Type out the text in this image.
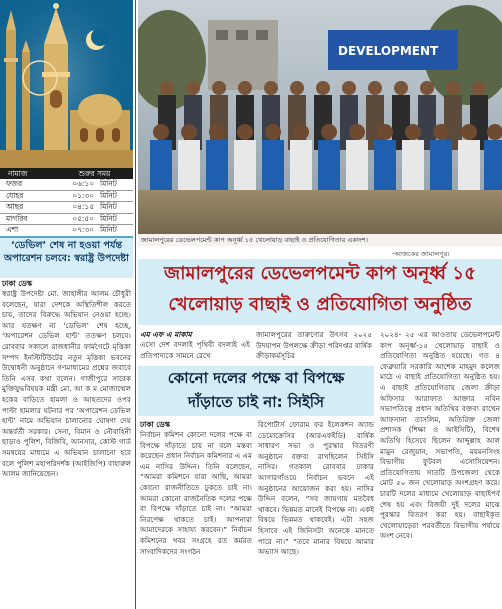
নামাজ	শুরুর সময়
ফজর	০৬:১০ মিনিট
যোহর	০১:৩০ মিনিট
আছর	০৪:১৫ মিনিট
মাগরিব	০৫:৫০ মিনিট
এশা	০৭:৩০ মিনিট

‘ডেভিল’ শেষ না হওয়া পর্যন্ত অপারেশন চলবে: স্বরাষ্ট্র উপদেষ্টা

ঢাকা ডেস্ক
স্বরাষ্ট্র উপদেষ্টা মো. জাহাঙ্গীর আলম চৌধুরী বলেছেন, যারা দেশকে অস্থিতিশীল করতে চায়, তাদের বিরুদ্ধে অভিযান নেওয়া হচ্ছে। আর যতক্ষণ না ‘ডেভিল’ শেষ হচ্ছে, ‘অপারেশন ডেভিল হান্ট’ ততক্ষণ চলবে। রোববার সকালে রাজধানীর ফার্মগেটে মৃত্তিকা সম্পদ ইনস্টিটিউটের নতুন মৃত্তিকা ভবনের উদ্বোধনী অনুষ্ঠানে গণমাধ্যমের প্রশ্নের জবাবে তিনি এসব কথা বলেন। গাজীপুরে সাবেক মুক্তিযুদ্ধবিষয়ক মন্ত্রী মো. আ ক ম মোজাম্মেল হকের বাড়িতে হামলা ও আহতদের ওপর পাল্টা হামলার ঘটনার পর ‘অপারেশন ডেভিল হান্ট’ নামে অভিযান চালানোর ঘোষণা দেয় অন্তর্বর্তী সরকার। সেনা, বিমান ও নৌবাহিনী ছাড়াও পুলিশ, বিজিবি, আনসার, কোস্ট গার্ড সমন্বয়ের মাধ্যমে এ অভিযান চালানো হবে বলে পুলিশ মহাপরিদর্শক (আইজিপি) বাহারুল আলম জানিয়েছেন।
DEVELOPMENT
জামালপুরের ডেভেলপমেন্ট কাপ অনূর্ধ্ব ১৫ খেলোয়াড় বাছাই ও প্রতিযোগিতার একাংশ।
-আজকের জামালপুর।

জামালপুরের ডেভেলপমেন্ট কাপ অনূর্ধ্ব ১৫

খেলোয়াড় বাছাই ও প্রতিযোগিতা অনুষ্ঠিত

এম এফ এ মাকাম
এসো দেশ বদলাই পৃথিবী বদলাই এই প্রতিপাদ্যকে সামনে রেখে
জামালপুরের তারুণ্যের উৎসব ২০২৫ উদযাপন উপলক্ষে ক্রীড়া পরিদপ্তর বার্ষিক ক্রীড়াকর্মসূচির
২০২৪- ২৫ এর আওতায় ডেভেলপমেন্ট কাপ অনূর্ধ্ব-১৫ খেলোয়াড় বাছাই ও প্রতিযোগিতা অনুষ্ঠিত হয়েছে। গত ৪ ফেব্রুয়ারি সরকারি আশেক মাহমুদ কলেজ মাঠে এ বাছাই প্রতিযোগিতা অনুষ্ঠিত হয়। এ বাছাই প্রতিযোগিতায় জেলা ক্রীড়া অফিসার আরাফাত আক্তার নবিন সভাপতিত্বে প্রধান অতিথির বক্তব্য রাখেন আফসানা তাসলিম, অতিরিক্ত জেলা প্রশাসক (শিক্ষা ও আইসিটি), বিশেষ অতিথি হিসেবে ছিলেন আব্দুল্লাহ আল মামুন রেজুয়ান, সভাপতি, ময়মনসিংহ বিভাগীয় ফুটবল এসোসিয়েশন। প্রতিযোগিতায় সাতটি উপজেলা থেকে মোট ৫০ জন খেলোয়াড় অংশগ্রহণ করে। চারটি দলের মাধ্যমে খেলোয়াড় বাছাইপর্ব শেষ হয় এবং বিজয়ী দুই দলের মাঝে পুরস্কার বিতরণ করা হয়। বাছাইকৃত খেলোয়াড়েরা পরবর্তীতে বিভাগীয় পর্যায়ে অংশ নেবে।

কোনো দলের পক্ষে বা বিপক্ষে

দাঁড়াতে চাই না: সিইসি

ঢাকা ডেস্ক
নির্বাচন কমিশন কোনো দলের পক্ষে বা বিপক্ষে দাঁড়াতে চায় না বলে মন্তব্য করেছেন প্রধান নির্বাচন কমিশনার এ এম এম নাসির উদ্দিন। তিনি বলেছেন, “আমরা কমিশনে যারা আছি, আমরা কোনো রাজনীতিতে ঢুকতে চাই না। আমরা কোনো রাজনৈতিক দলের পক্ষে বা বিপক্ষে দাঁড়াতে চাই না। “আমরা নিরপেক্ষ থাকতে চাই। আপনারা আমাদেরকে সাহায্য করবেন।” নির্বাচন কমিশনের খবর সংগ্রহে রত কর্মরত সাংবাদিকদের সংগঠন
রিপোর্টার্স ফোরাম ফর ইলেকশন অ্যান্ড ডেমোক্রেসির (আরএফইডি) বার্ষিক সাধারণ সভা ও পুরস্কার বিতরণী অনুষ্ঠানে বক্তব্য রাখছিলেন সিইসি নাসির। গতকাল রোববার ঢাকার আগারগাঁওয়ে নির্বাচন ভবনে এই অনুষ্ঠানের আয়োজন করা হয়। নাসির উদ্দিন বলেন, “সব জায়গায় মতবৈধ থাকবে। ভিন্নমত মানেই বিপক্ষে না। একই বিষয়ে ভিন্নমত থাকবেই। এটা সহজ হিসাবে এই জিনিসটা অনেকে মানতে পারে না।” “তবে মানার বিষয়ে আমার অভ্যাস আছে।
